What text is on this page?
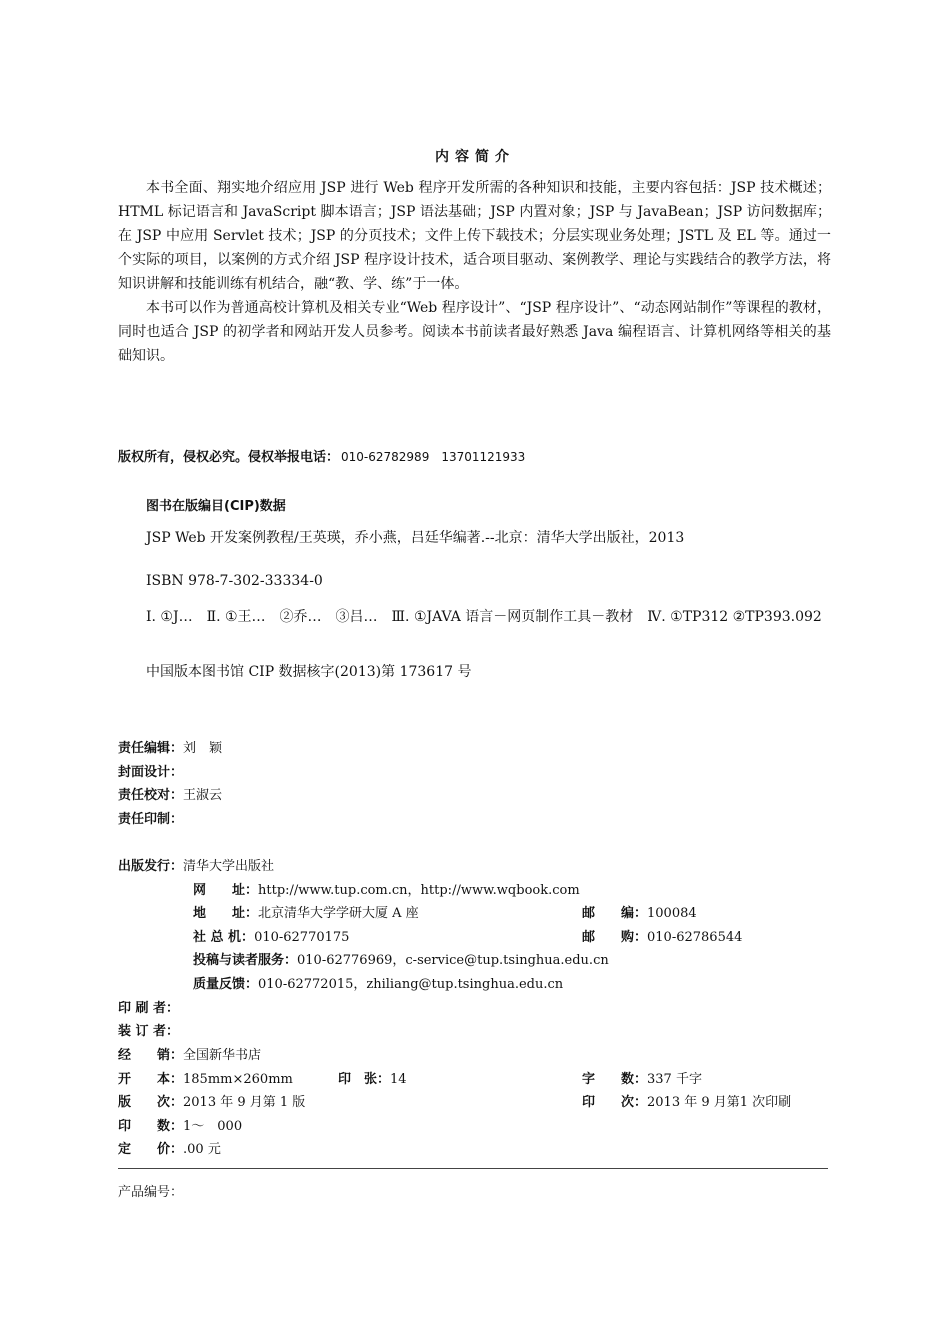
内容简介
本书全面、翔实地介绍应用 JSP 进行 Web 程序开发所需的各种知识和技能，主要内容包括：JSP 技术概述；HTML 标记语言和 JavaScript 脚本语言；JSP 语法基础；JSP 内置对象；JSP 与 JavaBean；JSP 访问数据库；在 JSP 中应用 Servlet 技术；JSP 的分页技术；文件上传下载技术；分层实现业务处理；JSTL 及 EL 等。通过一个实际的项目，以案例的方式介绍 JSP 程序设计技术，适合项目驱动、案例教学、理论与实践结合的教学方法，将知识讲解和技能训练有机结合，融“教、学、练”于一体。
本书可以作为普通高校计算机及相关专业“Web 程序设计”、“JSP 程序设计”、“动态网站制作”等课程的教材，同时也适合 JSP 的初学者和网站开发人员参考。阅读本书前读者最好熟悉 Java 编程语言、计算机网络等相关的基础知识。
版权所有，侵权必究。侵权举报电话： 010-62782989　13701121933
图书在版编目(CIP)数据
JSP Web 开发案例教程/王英瑛，乔小燕，吕廷华编著.--北京：清华大学出版社，2013
ISBN 978-7-302-33334-0
Ⅰ. ①J…　Ⅱ. ①王…　②乔…　③吕…　Ⅲ. ①JAVA 语言－网页制作工具－教材　Ⅳ. ①TP312 ②TP393.092
中国版本图书馆 CIP 数据核字(2013)第 173617 号
责任编辑：刘　颖
封面设计：
责任校对：王淑云
责任印制：
出版发行：清华大学出版社
网　　址：http://www.tup.com.cn，http://www.wqbook.com
地　　址：北京清华大学学研大厦 A 座	邮　　编：100084
社 总 机：010-62770175	邮　　购：010-62786544
投稿与读者服务：010-62776969，c-service@tup.tsinghua.edu.cn
质量反馈：010-62772015，zhiliang@tup.tsinghua.edu.cn
印 刷 者：
装 订 者：
经　　销：全国新华书店
开　　本：185mm×260mm	印　张：14	字　　数：337 千字
版　　次：2013 年 9 月第 1 版	印　　次：2013 年 9 月第1 次印刷
印　　数：1～　000
定　　价：.00 元
产品编号：
